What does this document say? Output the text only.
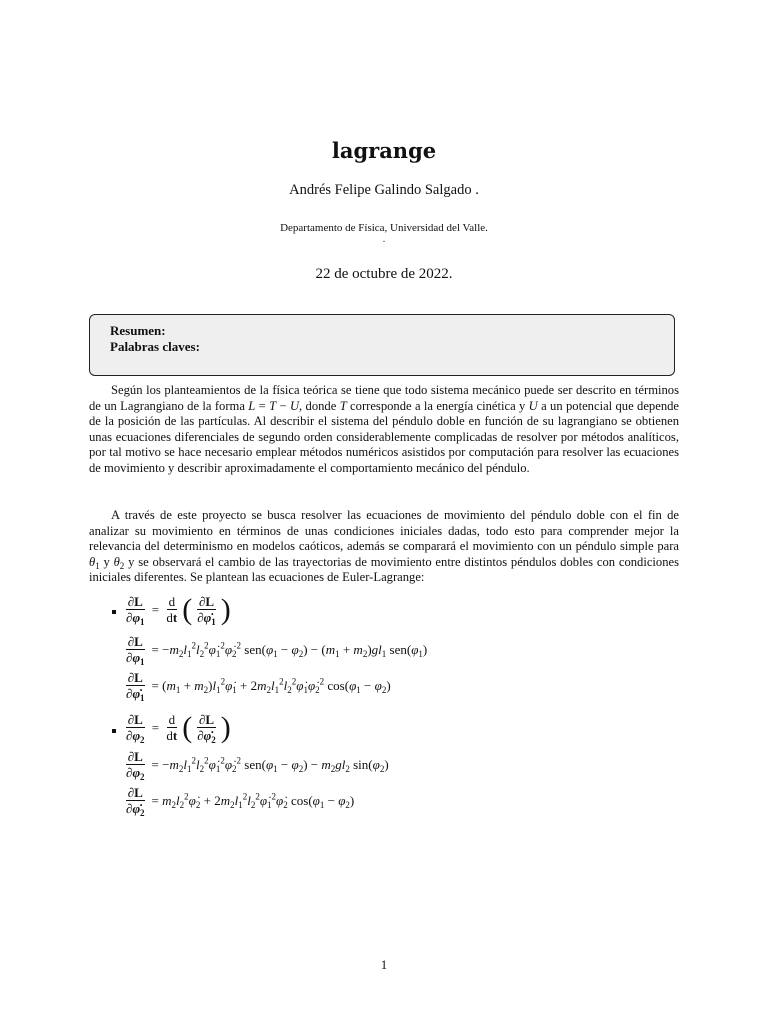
lagrange
Andrés Felipe Galindo Salgado .
Departamento de Física, Universidad del Valle.
.
22 de octubre de 2022.
Resumen:
Palabras claves:
Según los planteamientos de la física teórica se tiene que todo sistema mecánico puede ser descrito en términos de un Lagrangiano de la forma L = T − U, donde T corresponde a la energía cinética y U a un potencial que depende de la posición de las partículas. Al describir el sistema del péndulo doble en función de su lagrangiano se obtienen unas ecuaciones diferenciales de segundo orden considerablemente complicadas de resolver por métodos analíticos, por tal motivo se hace necesario emplear métodos numéricos asistidos por computación para resolver las ecuaciones de movimiento y describir aproximadamente el comportamiento mecánico del péndulo.
A través de este proyecto se busca resolver las ecuaciones de movimiento del péndulo doble con el fin de analizar su movimiento en términos de unas condiciones iniciales dadas, todo esto para comprender mejor la relevancia del determinismo en modelos caóticos, además se comparará el movimiento con un péndulo simple para $\theta_1$ y $\theta_2$ y se observará el cambio de las trayectorias de movimiento entre distintos péndulos dobles con condiciones iniciales diferentes. Se plantean las ecuaciones de Euler-Lagrange:
$\frac{\partial L}{\partial\varphi_1} = \frac{d}{dt}$ ( $\frac{\partial L}{\partial\varphi̇_1}$ )
$\frac{\partial L}{\partial\varphi_1}$ = $-m_2l_1^2l_2^2\varphi̇_1^2\varphi̇_2^2$ $sen(\varphi_1 - \varphi_2) - (m_1 + m_2)gl_1$ $sen(\varphi_1)$
$\frac{\partial L}{\partial\varphi̇_1} = (m_1$ + $m_2)l_1^2\varphi̇_1$ + $2m_2l_1^2l_2^2\varphi̇_1\varphi̇_2^2$ $\cos(\varphi_1 - \varphi_2)$
$\frac{\partial L}{\partial\varphi_2} = \frac{d}{dt}$ ( $\frac{\partial L}{\partial\varphi̇_2}$ )
$\frac{\partial L}{\partial\varphi_2}$ = $-m_2l_1^2l_2^2\varphi̇_1^2\varphi̇_2^2$ $sen(\varphi_1 - \varphi_2) - m_2gl_2$ $\sin(\varphi_2)$
$\frac{\partial L}{\partial\varphi̇_2}$ = $m_2l_2^2\varphi̇_2$ + $2m_2l_1^2l_2^2\varphi̇_1^2\varphi̇_2$ $\cos(\varphi_1 - \varphi_2)$
1
